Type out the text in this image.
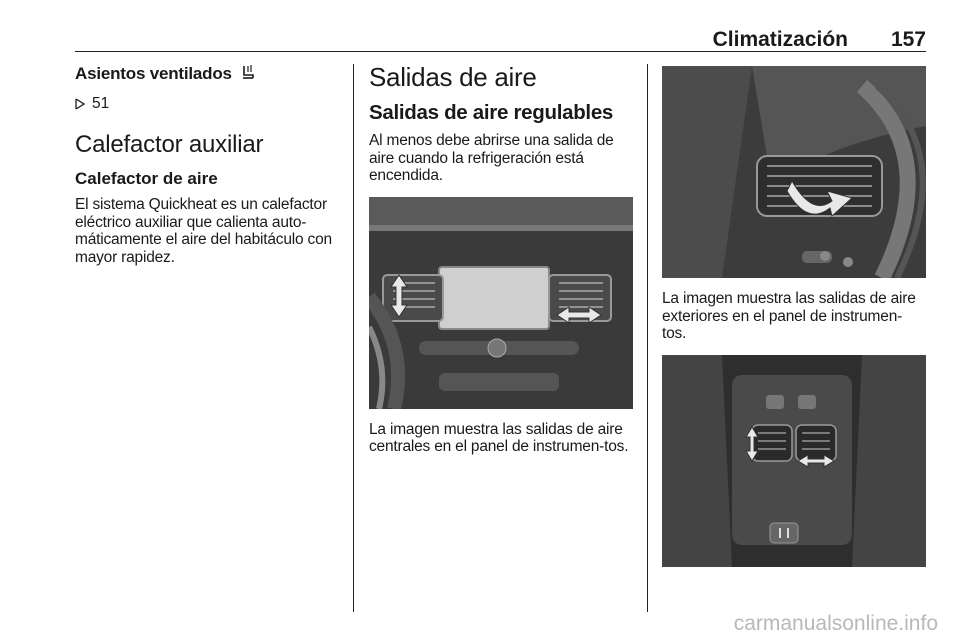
Climatización 157
Asientos ventilados
51
Calefactor auxiliar
Calefactor de aire
El sistema Quickheat es un calefactor eléctrico auxiliar que calienta auto-máticamente el aire del habitáculo con mayor rapidez.
Salidas de aire
Salidas de aire regulables
Al menos debe abrirse una salida de aire cuando la refrigeración está encendida.
La imagen muestra las salidas de aire centrales en el panel de instrumen-tos.
La imagen muestra las salidas de aire exteriores en el panel de instrumen-tos.
carmanualsonline.info
